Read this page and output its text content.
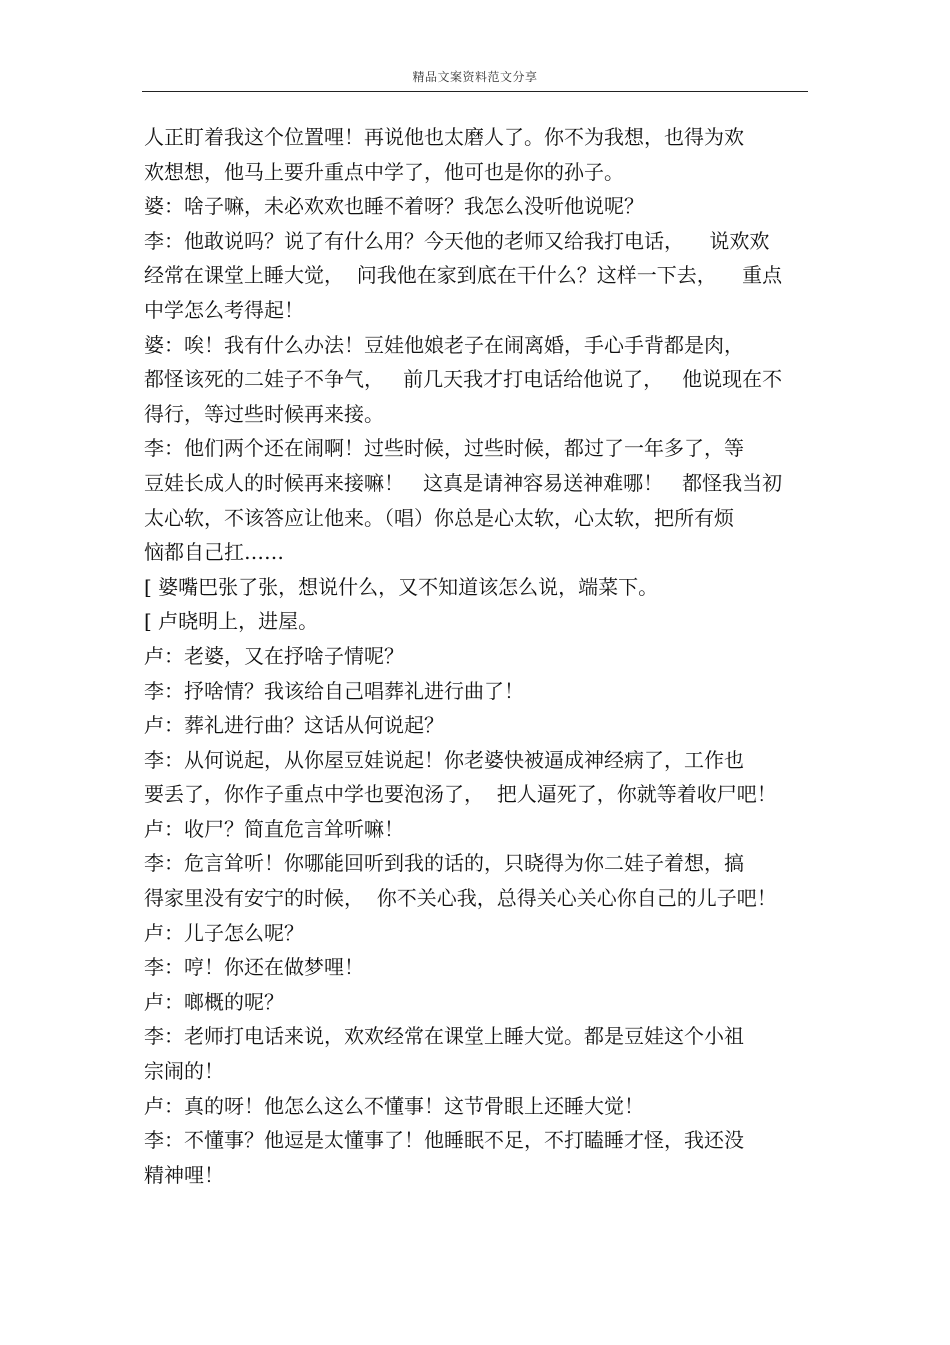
精品文案资料范文分享
人正盯着我这个位置哩！再说他也太磨人了。你不为我想，也得为欢
欢想想，他马上要升重点中学了，他可也是你的孙子。
婆：啥子嘛，未必欢欢也睡不着呀？我怎么没听他说呢？
李：他敢说吗？说了有什么用？今天他的老师又给我打电话，    说欢欢
经常在课堂上睡大觉，  问我他在家到底在干什么？这样一下去，    重点
中学怎么考得起！
婆：唉！我有什么办法！豆娃他娘老子在闹离婚，手心手背都是肉，
都怪该死的二娃子不争气，   前几天我才打电话给他说了，   他说现在不
得行，等过些时候再来接。
李：他们两个还在闹啊！过些时候，过些时候，都过了一年多了，等
豆娃长成人的时候再来接嘛！   这真是请神容易送神难哪！   都怪我当初
太心软，不该答应让他来。（唱）你总是心太软，心太软，把所有烦
恼都自己扛……
[ 婆嘴巴张了张，想说什么，又不知道该怎么说，端菜下。
[ 卢晓明上，进屋。
卢：老婆，又在抒啥子情呢？
李：抒啥情？我该给自己唱葬礼进行曲了！
卢：葬礼进行曲？这话从何说起？
李：从何说起，从你屋豆娃说起！你老婆快被逼成神经病了，工作也
要丢了，你作子重点中学也要泡汤了，  把人逼死了，你就等着收尸吧！
卢：收尸？简直危言耸听嘛！
李：危言耸听！你哪能回听到我的话的，只晓得为你二娃子着想，搞
得家里没有安宁的时候，  你不关心我，总得关心关心你自己的儿子吧！
卢：儿子怎么呢？
李：哼！你还在做梦哩！
卢：啷概的呢？
李：老师打电话来说，欢欢经常在课堂上睡大觉。都是豆娃这个小祖
宗闹的！
卢：真的呀！他怎么这么不懂事！这节骨眼上还睡大觉！
李：不懂事？他逗是太懂事了！他睡眠不足，不打瞌睡才怪，我还没
精神哩！
